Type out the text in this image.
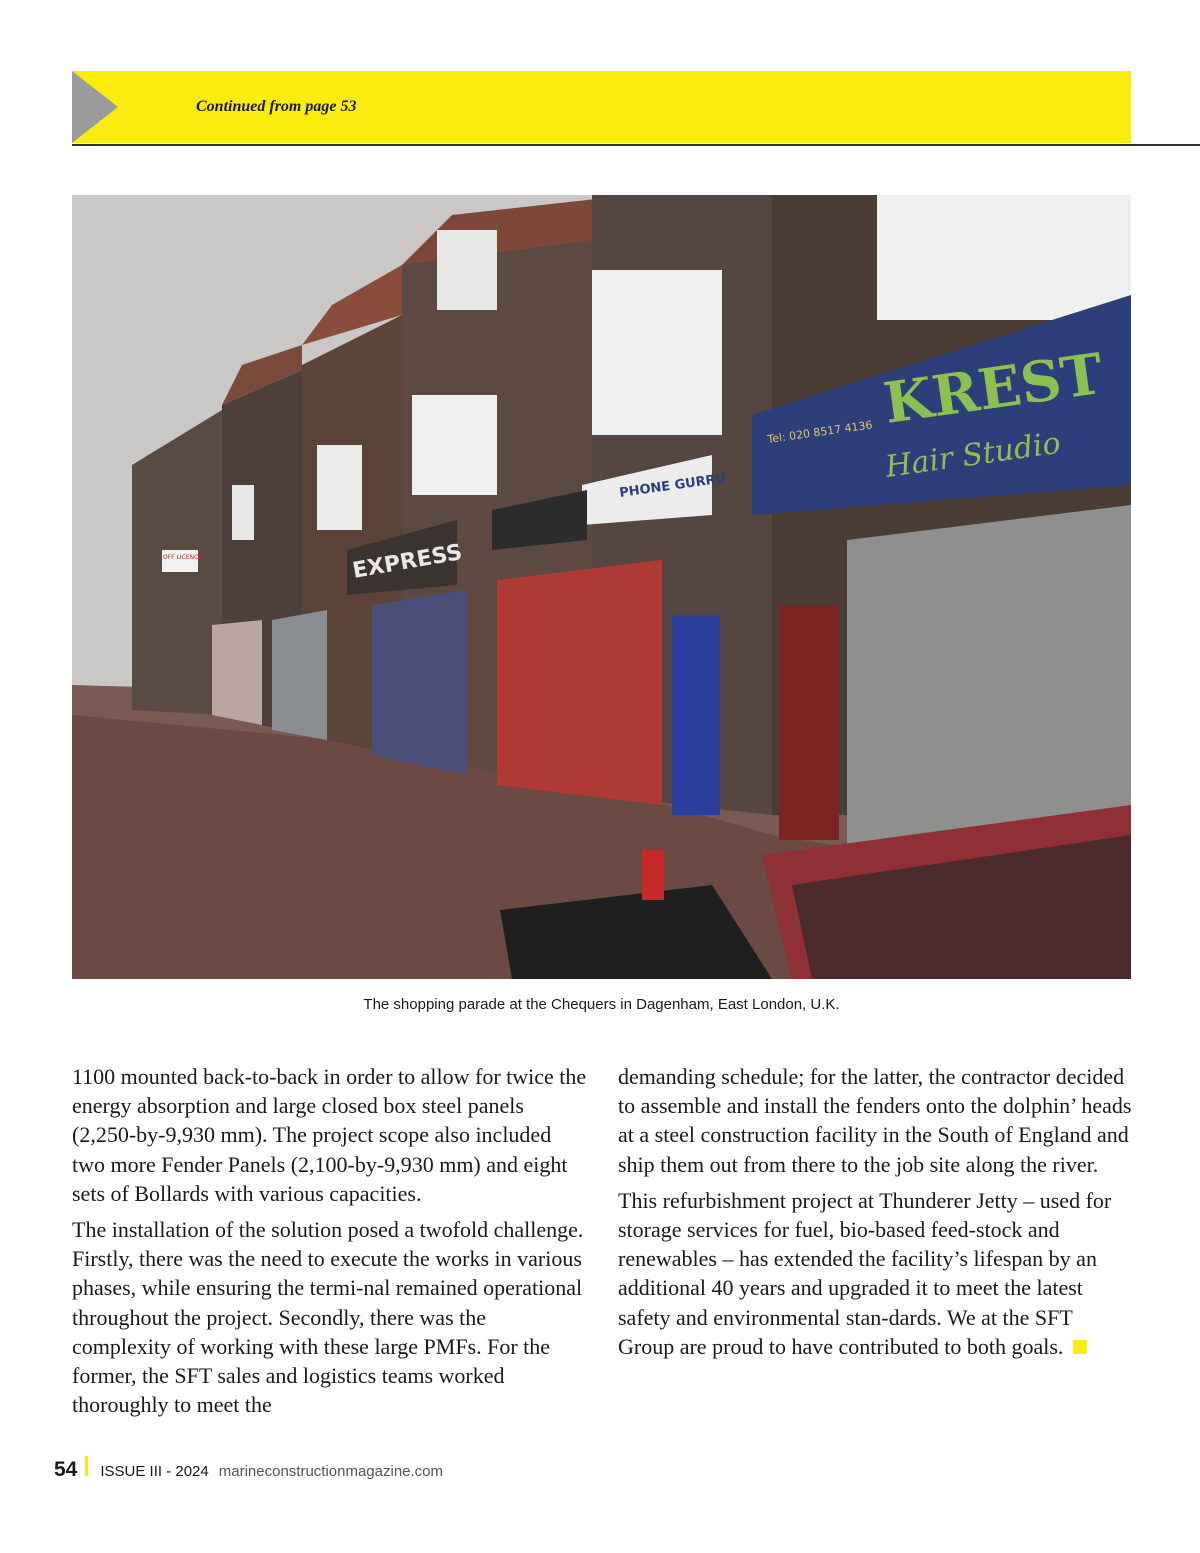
Continued from page 53
KREST
Hair Studio
Tel: 020 8517 4136
PHONE GURRU
EXPRESS
OFF LICENCE
The shopping parade at the Chequers in Dagenham, East London, U.K.

1100 mounted back-to-back in order to allow for twice the energy absorption and large closed box steel panels (2,250-by-9,930 mm). The project scope also included two more Fender Panels (2,100-by-9,930 mm) and eight sets of Bollards with various capacities.

The installation of the solution posed a twofold challenge. Firstly, there was the need to execute the works in various phases, while ensuring the termi-nal remained operational throughout the project. Secondly, there was the complexity of working with these large PMFs. For the former, the SFT sales and logistics teams worked thoroughly to meet the

demanding schedule; for the latter, the contractor decided to assemble and install the fenders onto the dolphin’ heads at a steel construction facility in the South of England and ship them out from there to the job site along the river.

This refurbishment project at Thunderer Jetty – used for storage services for fuel, bio-based feed-stock and renewables – has extended the facility’s lifespan by an additional 40 years and upgraded it to meet the latest safety and environmental stan-dards. We at the SFT Group are proud to have contributed to both goals.

54 ISSUE III - 2024 marineconstructionmagazine.com
